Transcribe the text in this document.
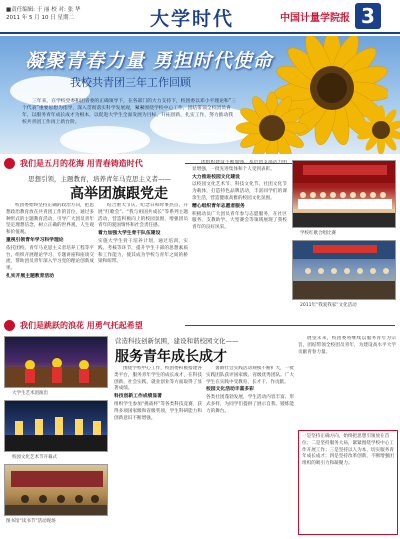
■责任编辑: 于 丽 校 对: 张 华
2011 年 5 月 10 日 星期二	大学时代	中国计量学院报 3
凝聚青春力量 勇担时代使命
我校共青团三年工作回顾
三年来，在学校党委和团省委的正确领导下，在各部门的大力支持下，校团委以邓小平理论和“三个代表”重要思想为指导，深入贯彻落实科学发展观，紧紧围绕学校中心工作，团结带领全校团员青年，以服务青年成长成才为根本，以促进大学生全面发展为目标，开拓创新，扎实工作，努力推动我校共青团工作再上新台阶。
我们是五月的花海 用青春铸造时代
思想引领，主题教育，培养青年马克思主义者——
高举团旗跟党走
校团委始终坚持正确的政治方向，把思想政治教育放在共青团工作的首位，通过多种形式的主题教育活动，引导广大团员青年坚定理想信念，树立正确的世界观、人生观和价值观。
重视引领青年学习科学理论
依托团校、青年马克思主义者培养工程等平台，组织开展理论学习、专题讲座和座谈交流，帮助团员青年深入学习党的理论创新成果。
扎实开展主题教育活动
结合重大节庆、纪念日和时事热点，开展“红歌会”、“我与祖国共成长”等系列主题活动，营造积极向上的校园氛围，增强团员青年的爱国情怀和社会责任感。
着力加强大学生骨干队伍建设
实施大学生骨干培养计划，通过培训、实践、考核等环节，提升学生干部的思想素质和工作能力，使其成为学校与青年之间的桥梁和纽带。
团组织建设不断加强，基层团支部活力明显增强，一批先进集体和个人受到表彰。
大力推进校园文化建设
以校园文化艺术节、科技文化节、社团文化节为载体，打造特色品牌活动，丰富同学们的课余生活，营造健康高雅的校园文化氛围。
精心组织青年志愿者服务
积极动员广大团员青年参与志愿服务，在社区服务、支教助学、大型赛会等领域展现了我校青年的良好风采。
学校红歌合唱比赛
2011年“我爱我家”文化活动
我们是跳跃的浪花 用勇气托起希望
营造科技创新氛围，建设和谐校园文化——
服务青年成长成才
大学生艺术团演出
校园文化艺术节开幕式
图书馆“读书节”活动现场
围绕学校中心工作，校团委积极搭建各类平台，服务青年学生的成长成才，在科技创新、社会实践、就业创业等方面取得了显著成绩。
科技创新工作成绩显著
组织学生参加“挑战杯”等各类科技竞赛，获得多项国家级和省级奖项，学生科研能力和创新意识不断增强。
暑期社会实践活动规模不断扩大，一批实践团队获评国家级、省级优秀团队。广大学生在实践中受教育、长才干、作贡献。
校园文化活动丰富多彩
各类社团蓬勃发展，学生活动内容丰富、形式多样，为同学们提供了展示自我、锻炼能力的舞台。
展望未来，校团委将继续以服务青年为宗旨，团结带领全校团员青年，为建设高水平大学贡献青春力量。
一是坚持正确方向，始终把思想引领放在首位；二是坚持服务大局，紧紧围绕学校中心工作开展工作；三是坚持以人为本，切实服务青年成长成才；四是坚持改革创新，不断增强团组织的吸引力和凝聚力。
